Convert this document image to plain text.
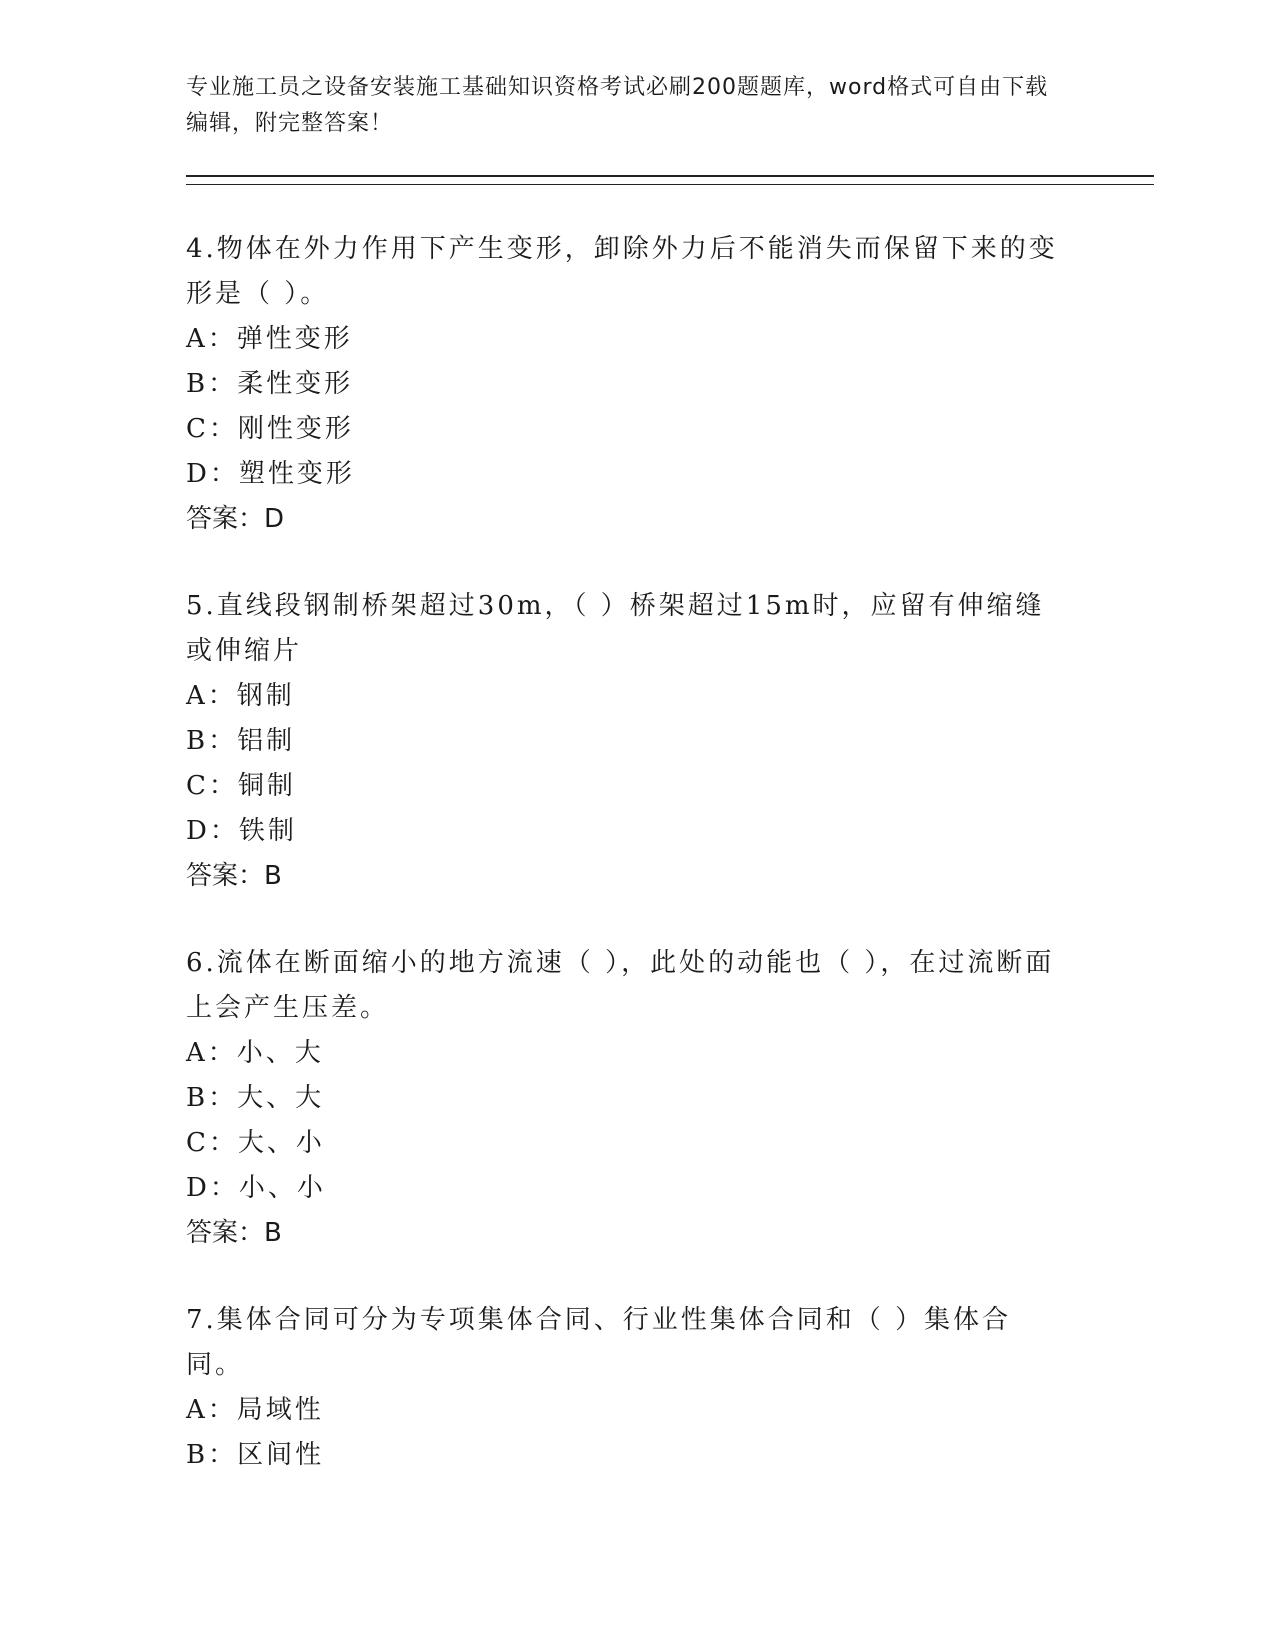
专业施工员之设备安装施工基础知识资格考试必刷200题题库，word格式可自由下载编辑，附完整答案！

4.物体在外力作用下产生变形，卸除外力后不能消失而保留下来的变形是（ ）。

A：弹性变形

B：柔性变形

C：刚性变形

D：塑性变形

答案：D

5.直线段钢制桥架超过30m，（ ）桥架超过15m时，应留有伸缩缝或伸缩片

A：钢制

B：铝制

C：铜制

D：铁制

答案：B

6.流体在断面缩小的地方流速（ ），此处的动能也（ ），在过流断面上会产生压差。

A：小、大

B：大、大

C：大、小

D：小、小

答案：B

7.集体合同可分为专项集体合同、行业性集体合同和（ ）集体合同。

A：局域性

B：区间性
